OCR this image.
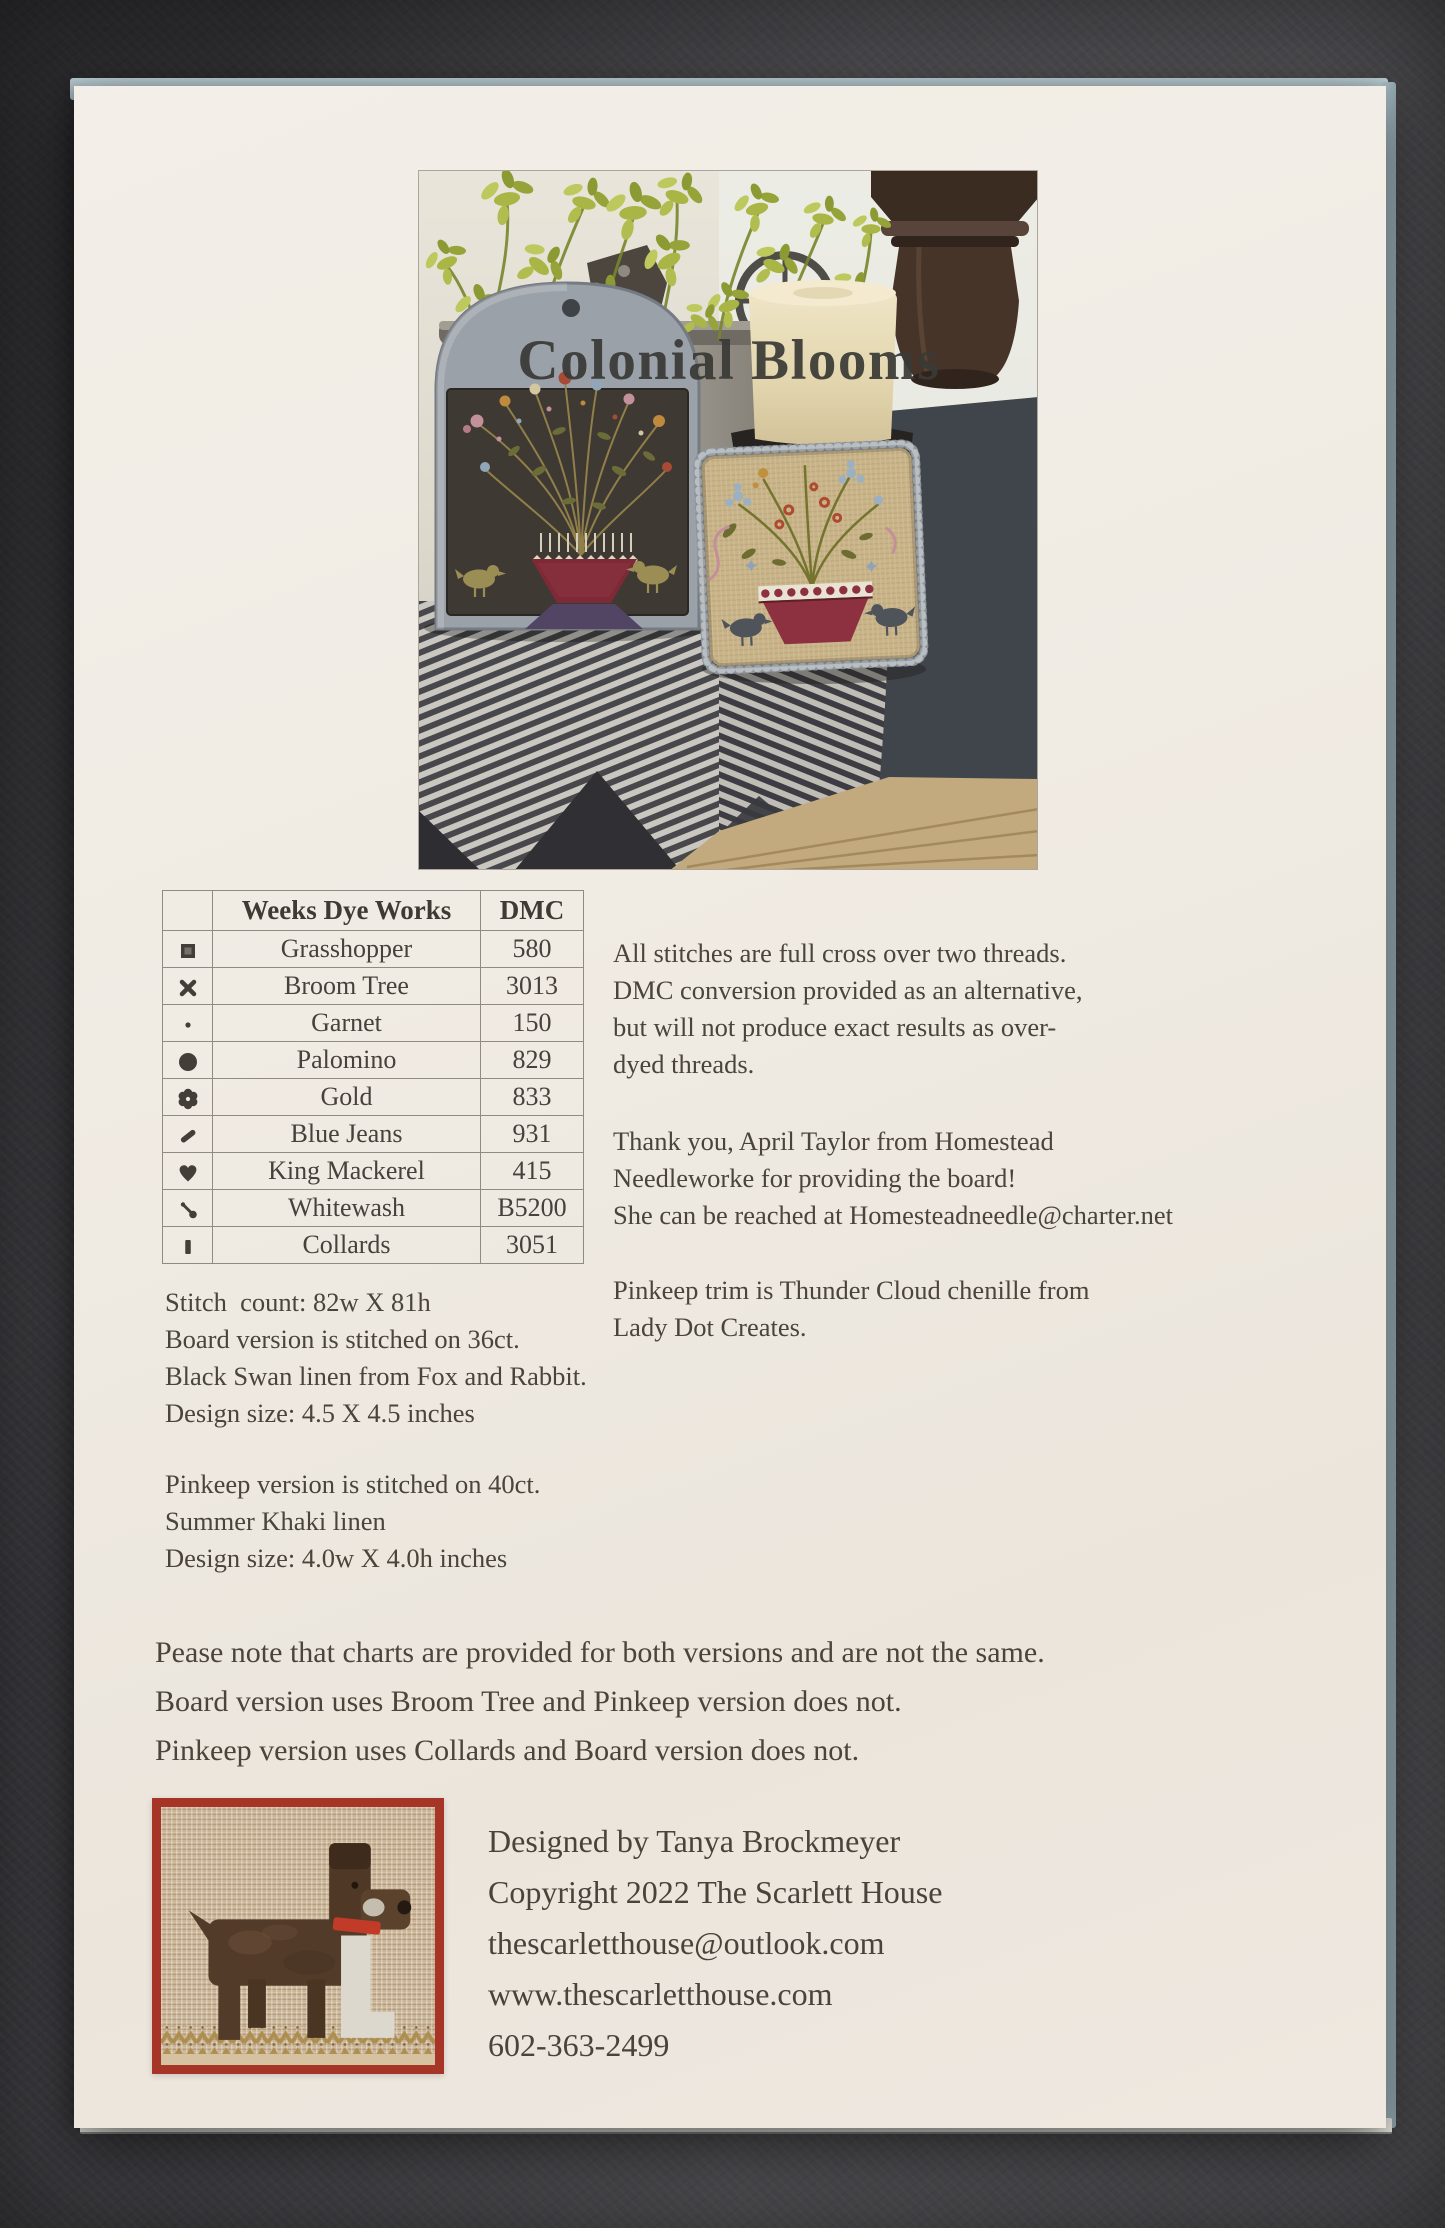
Colonial Blooms
	Weeks Dye Works	DMC

	Grasshopper	580

	Broom Tree	3013

	Garnet	150

	Palomino	829

	Gold	833

	Blue Jeans	931

	King Mackerel	415

	Whitewash	B5200

	Collards	3051
All stitches are full cross over two threads.
DMC conversion provided as an alternative,
but will not produce exact results as over-
dyed threads.
Thank you, April Taylor from Homestead
Needleworke for providing the board!
She can be reached at Homesteadneedle@charter.net
Pinkeep trim is Thunder Cloud chenille from
Lady Dot Creates.
Stitch  count: 82w X 81h
Board version is stitched on 36ct.
Black Swan linen from Fox and Rabbit.
Design size: 4.5 X 4.5 inches
Pinkeep version is stitched on 40ct.
Summer Khaki linen
Design size: 4.0w X 4.0h inches
Pease note that charts are provided for both versions and are not the same.
Board version uses Broom Tree and Pinkeep version does not.
Pinkeep version uses Collards and Board version does not.
Designed by Tanya Brockmeyer
Copyright 2022 The Scarlett House
thescarletthouse@outlook.com
www.thescarletthouse.com
602-363-2499
